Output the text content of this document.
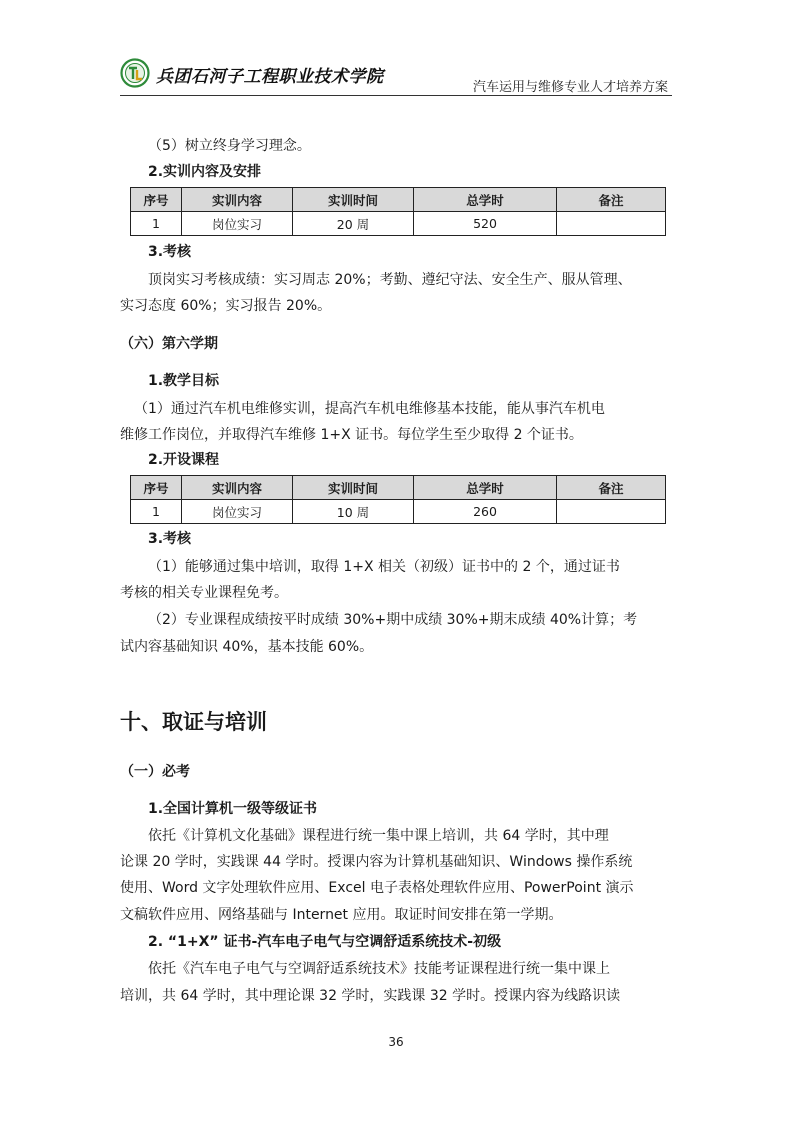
兵团石河子工程职业技术学院
汽车运用与维修专业人才培养方案

（5）树立终身学习理念。

2.实训内容及安排

序号	实训内容	实训时间	总学时	备注
1	岗位实习	20 周	520	

3.考核

顶岗实习考核成绩：实习周志 20%；考勤、遵纪守法、安全生产、服从管理、

实习态度 60%；实习报告 20%。

（六）第六学期

1.教学目标

（1）通过汽车机电维修实训，提高汽车机电维修基本技能，能从事汽车机电

维修工作岗位，并取得汽车维修 1+X 证书。每位学生至少取得 2 个证书。

2.开设课程

序号	实训内容	实训时间	总学时	备注
1	岗位实习	10 周	260	

3.考核

（1）能够通过集中培训，取得 1+X 相关（初级）证书中的 2 个，通过证书

考核的相关专业课程免考。

（2）专业课程成绩按平时成绩 30%+期中成绩 30%+期末成绩 40%计算；考

试内容基础知识 40%，基本技能 60%。

十、取证与培训

（一）必考

1.全国计算机一级等级证书

依托《计算机文化基础》课程进行统一集中课上培训，共 64 学时，其中理

论课 20 学时，实践课 44 学时。授课内容为计算机基础知识、Windows 操作系统

使用、Word 文字处理软件应用、Excel 电子表格处理软件应用、PowerPoint 演示

文稿软件应用、网络基础与 Internet 应用。取证时间安排在第一学期。

2. “1+X” 证书-汽车电子电气与空调舒适系统技术-初级

依托《汽车电子电气与空调舒适系统技术》技能考证课程进行统一集中课上

培训，共 64 学时，其中理论课 32 学时，实践课 32 学时。授课内容为线路识读

36
